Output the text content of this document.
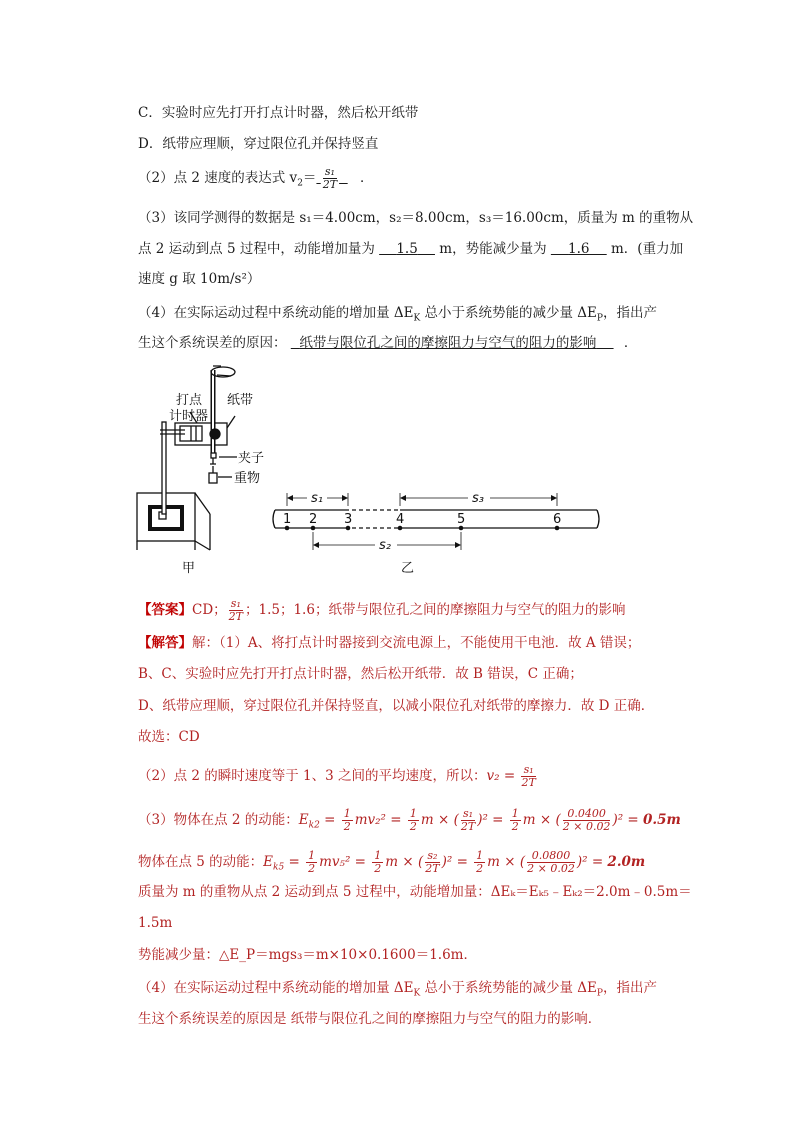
C．实验时应先打开打点计时器，然后松开纸带
D．纸带应理顺，穿过限位孔并保持竖直
（2）点 2 速度的表达式 $v_2= \frac{\text{s₁}}{2T}$ ．
（3）该同学测得的数据是 s₁＝4.00cm，s₂＝8.00cm，s₃＝16.00cm，质量为 m 的重物从
点 2 运动到点 5 过程中，动能增加量为 1.5 m，势能减少量为 1.6 m．(重力加
速度 g 取 10m/s²）
（4）在实际运动过程中系统动能的增加量 $\Delta E_K$ 总小于系统势能的减少量 $\Delta E_P$，指出产
生这个系统误差的原因： 纸带与限位孔之间的摩擦阻力与空气的阻力的影响 ．
打点
计时器
纸带
夹子
重物
甲	乙
1 2 3	4	5	6
s₁	s₃
s₂
【答案】CD； $\frac{\text{s₁}}{2T}$ ；1.5；1.6；纸带与限位孔之间的摩擦阻力与空气的阻力的影响
【解答】解：（1）A、将打点计时器接到交流电源上，不能使用干电池．故 A 错误；
B、C、实验时应先打开打点计时器，然后松开纸带．故 B 错误，C 正确；
D、纸带应理顺，穿过限位孔并保持竖直，以减小限位孔对纸带的摩擦力．故 D 正确．
故选：CD
（2）点 2 的瞬时速度等于 1、3 之间的平均速度，所以：$v_2 = \frac{\text{s₁}}{2T}$
（3）物体在点 2 的动能：$E_{k2} = \frac{1}{2} mv_2^2 = \frac{1}{2}$ m × ( $\frac{\text{s₁}}{2T} )^2 = \frac{1}{2}$ m × ( $\frac{0.0400}{2 \times 0.02} )^2 = 0.5m$
物体在点 5 的动能：$E_{k5} = \frac{1}{2} mv_5^2 = \frac{1}{2}$ m × ( $\frac{\text{s₂}}{2T} )^2 = \frac{1}{2}$ m × ( $\frac{0.0800}{2 \times 0.02} )^2 = 2.0m$
质量为 m 的重物从点 2 运动到点 5 过程中，动能增加量：ΔEₖ＝Eₖ₅﹣Eₖ₂＝2.0m﹣0.5m＝
1.5m
势能减少量：△E_P＝mgs₃＝m×10×0.1600＝1.6m．
（4）在实际运动过程中系统动能的增加量 $\Delta E_K$ 总小于系统势能的减少量 $\Delta E_P$，指出产
生这个系统误差的原因是 纸带与限位孔之间的摩擦阻力与空气的阻力的影响．
